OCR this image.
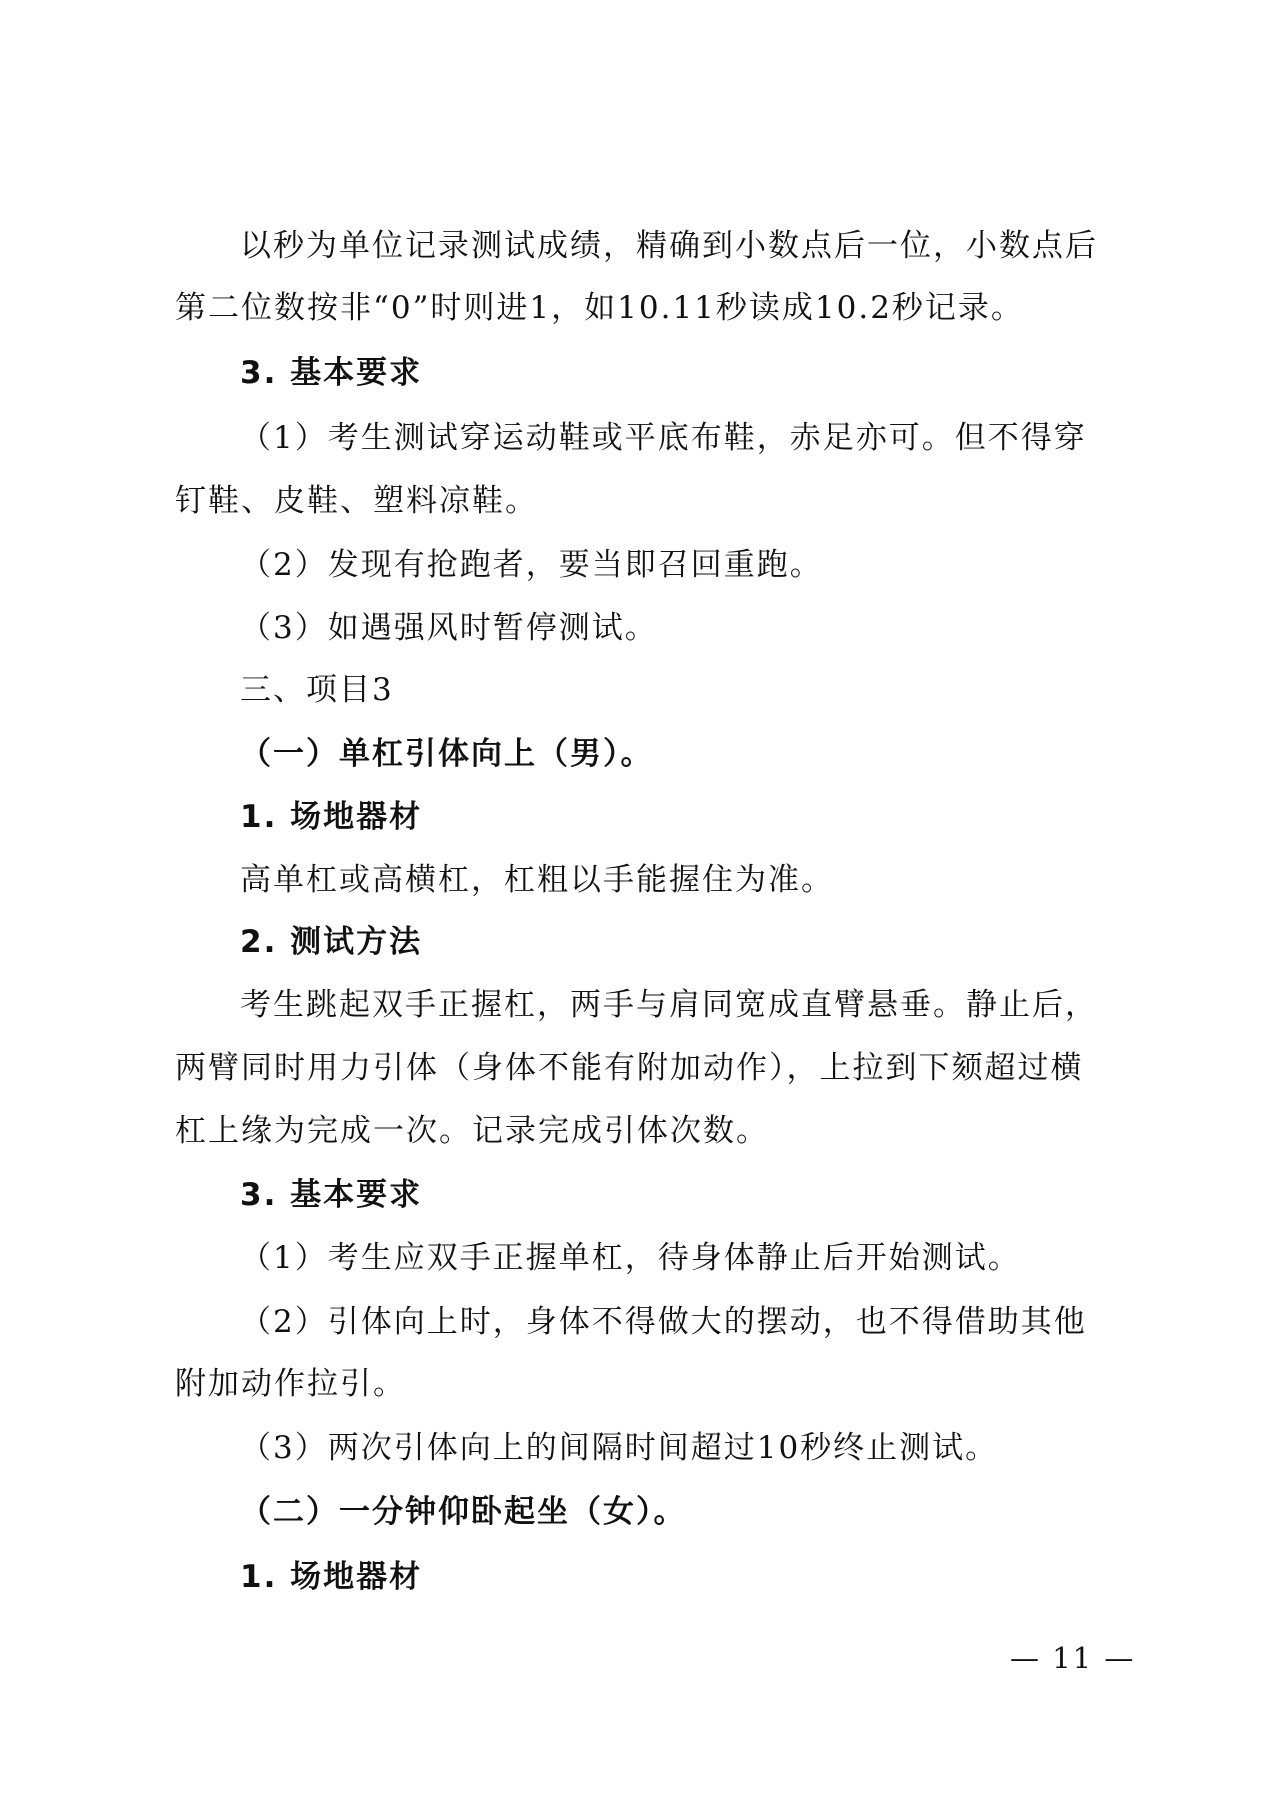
以秒为单位记录测试成绩，精确到小数点后一位，小数点后
第二位数按非“0”时则进1，如10.11秒读成10.2秒记录。
3. 基本要求
（1）考生测试穿运动鞋或平底布鞋，赤足亦可。但不得穿
钉鞋、皮鞋、塑料凉鞋。
（2）发现有抢跑者，要当即召回重跑。
（3）如遇强风时暂停测试。
三、项目3
（一）单杠引体向上（男）。
1. 场地器材
高单杠或高横杠，杠粗以手能握住为准。
2. 测试方法
考生跳起双手正握杠，两手与肩同宽成直臂悬垂。静止后，
两臂同时用力引体（身体不能有附加动作），上拉到下颏超过横
杠上缘为完成一次。记录完成引体次数。
3. 基本要求
（1）考生应双手正握单杠，待身体静止后开始测试。
（2）引体向上时，身体不得做大的摆动，也不得借助其他
附加动作拉引。
（3）两次引体向上的间隔时间超过10秒终止测试。
（二）一分钟仰卧起坐（女）。
1. 场地器材
— 11 —
